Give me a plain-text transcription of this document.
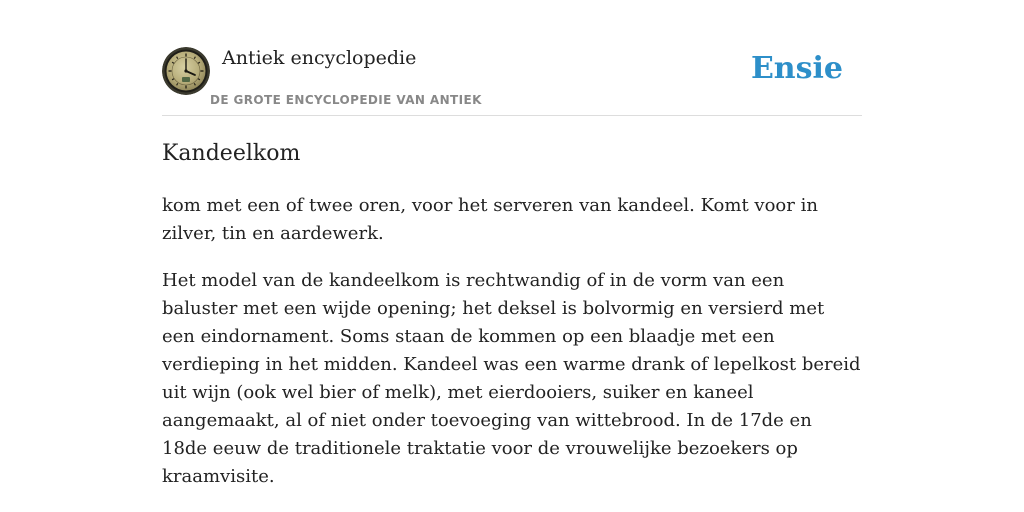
Antiek encyclopedie
DE GROTE ENCYCLOPEDIE VAN ANTIEK
Ensie
Kandeelkom

kom met een of twee oren, voor het serveren van kandeel. Komt voor in zilver, tin en aardewerk.

Het model van de kandeelkom is rechtwandig of in de vorm van een baluster met een wijde opening; het deksel is bolvormig en versierd met een eindornament. Soms staan de kommen op een blaadje met een verdieping in het midden. Kandeel was een warme drank of lepelkost bereid uit wijn (ook wel bier of melk), met eierdooiers, suiker en kaneel aangemaakt, al of niet onder toevoeging van wittebrood. In de 17de en 18de eeuw de traditionele traktatie voor de vrouwelijke bezoekers op kraamvisite.
